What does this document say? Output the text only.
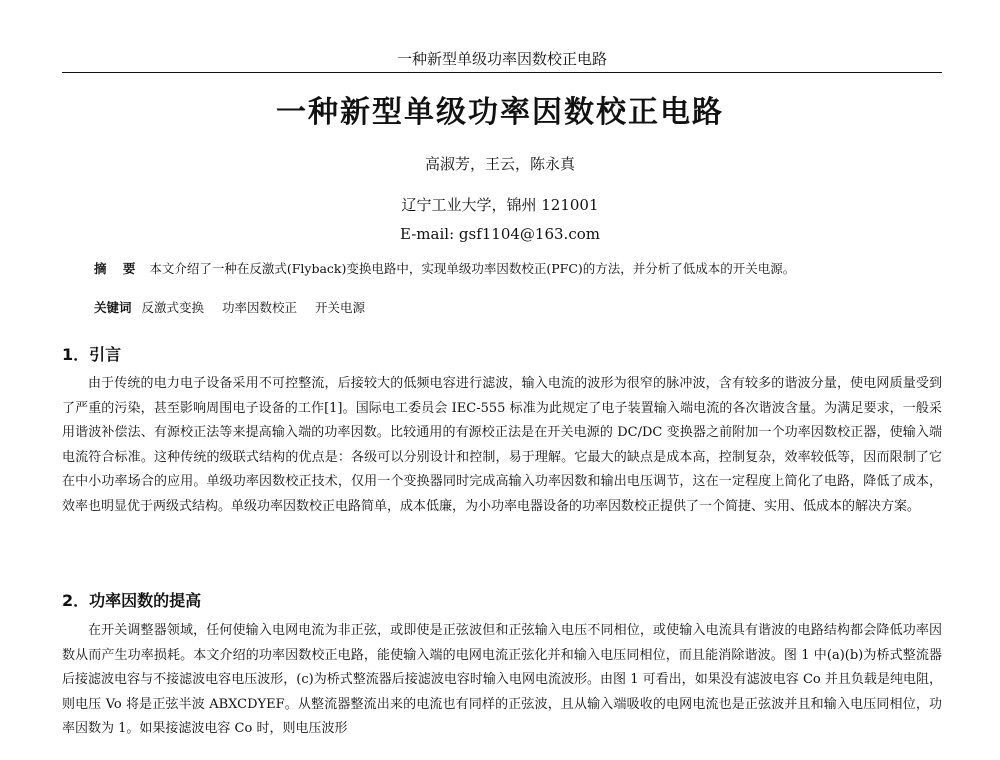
一种新型单级功率因数校正电路
一种新型单级功率因数校正电路
高淑芳，王云，陈永真
辽宁工业大学，锦州 121001
E-mail: gsf1104@163.com
摘 要 本文介绍了一种在反激式(Flyback)变换电路中，实现单级功率因数校正(PFC)的方法，并分析了低成本的开关电源。
关键词 反激式变换 功率因数校正 开关电源
1．引言

由于传统的电力电子设备采用不可控整流，后接较大的低频电容进行滤波，输入电流的波形为很窄的脉冲波，含有较多的谐波分量，使电网质量受到了严重的污染，甚至影响周围电子设备的工作[1]。国际电工委员会 IEC-555 标准为此规定了电子装置输入端电流的各次谐波含量。为满足要求，一般采用谐波补偿法、有源校正法等来提高输入端的功率因数。比较通用的有源校正法是在开关电源的 DC/DC 变换器之前附加一个功率因数校正器，使输入端电流符合标准。这种传统的级联式结构的优点是：各级可以分别设计和控制，易于理解。它最大的缺点是成本高，控制复杂，效率较低等，因而限制了它在中小功率场合的应用。单级功率因数校正技术，仅用一个变换器同时完成高输入功率因数和输出电压调节，这在一定程度上简化了电路，降低了成本，效率也明显优于两级式结构。单级功率因数校正电路简单，成本低廉，为小功率电器设备的功率因数校正提供了一个简捷、实用、低成本的解决方案。

2．功率因数的提高

在开关调整器领域，任何使输入电网电流为非正弦，或即使是正弦波但和正弦输入电压不同相位，或使输入电流具有谐波的电路结构都会降低功率因数从而产生功率损耗。本文介绍的功率因数校正电路，能使输入端的电网电流正弦化并和输入电压同相位，而且能消除谐波。图 1 中(a)(b)为桥式整流器后接滤波电容与不接滤波电容电压波形，(c)为桥式整流器后接滤波电容时输入电网电流波形。由图 1 可看出，如果没有滤波电容 Co 并且负载是纯电阻，则电压 Vo 将是正弦半波 ABXCDYEF。从整流器整流出来的电流也有同样的正弦波，且从输入端吸收的电网电流也是正弦波并且和输入电压同相位，功率因数为 1。如果接滤波电容 Co 时，则电压波形
